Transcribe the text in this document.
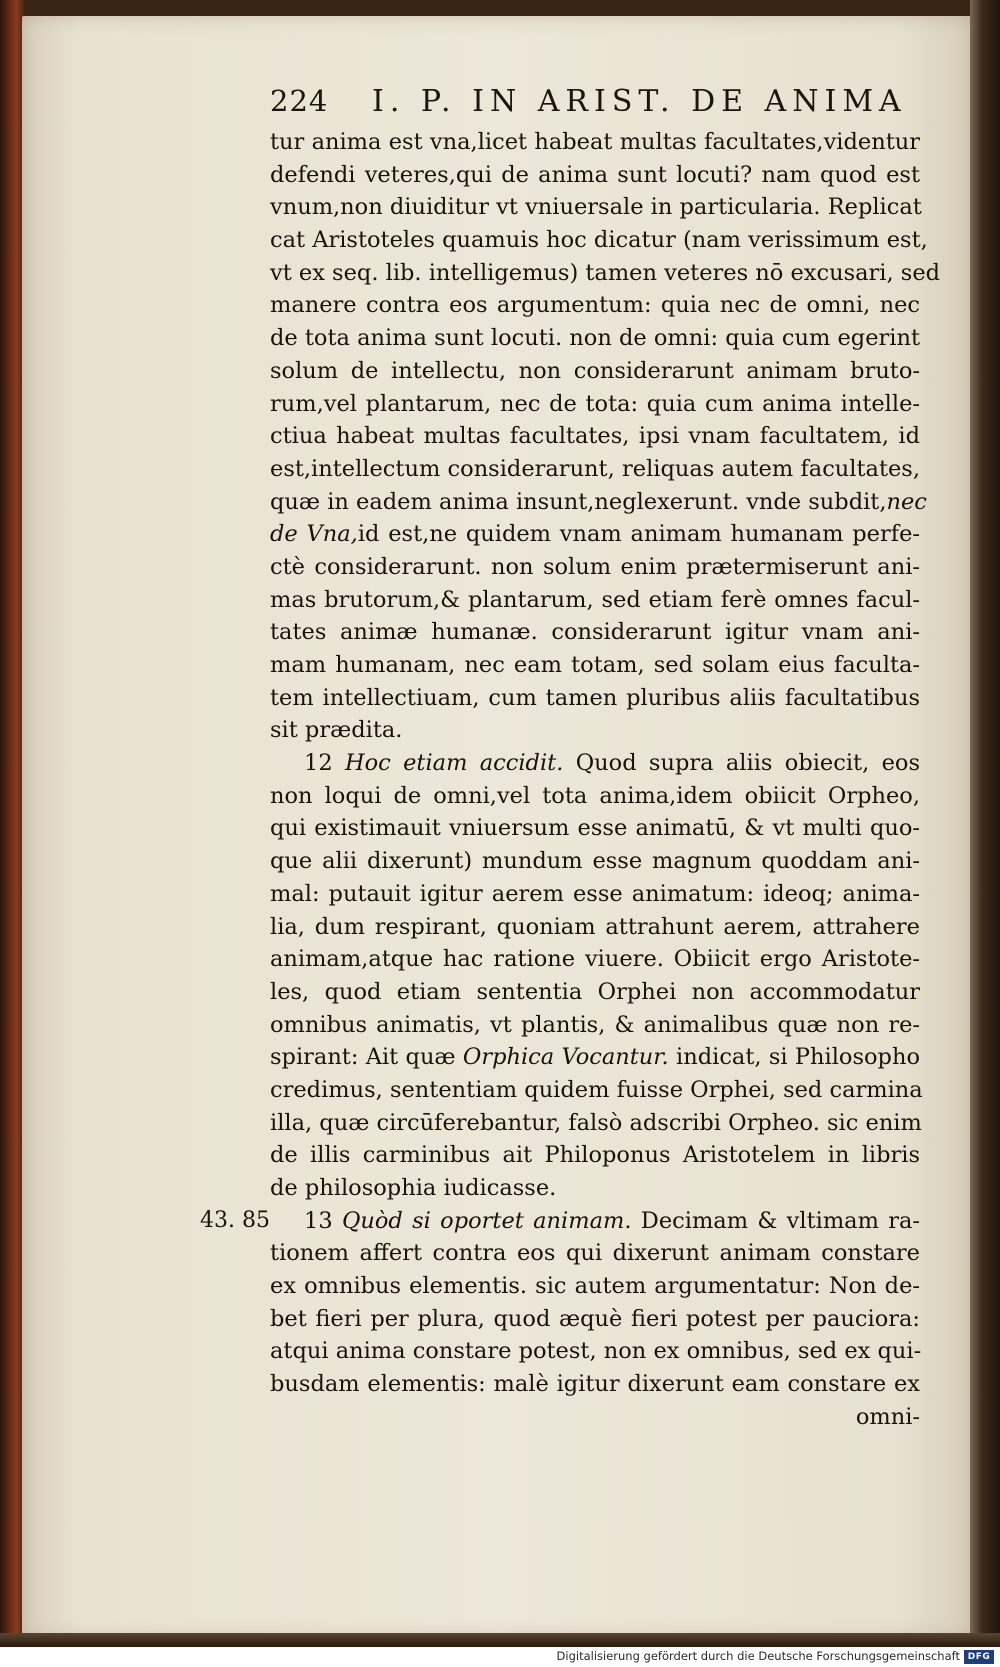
224 I. P. IN ARIST. DE ANIMA
43. 85
tur anima est vna,licet habeat multas facultates,videntur
defendi veteres,qui de anima sunt locuti? nam quod est
vnum,non diuiditur vt vniuersale in particularia. Replicat
cat Aristoteles quamuis hoc dicatur (nam verissimum est,
vt ex seq. lib. intelligemus) tamen veteres nō excusari, sed
manere contra eos argumentum: quia nec de omni, nec
de tota anima sunt locuti. non de omni: quia cum egerint
solum de intellectu, non considerarunt animam bruto-
rum,vel plantarum, nec de tota: quia cum anima intelle-
ctiua habeat multas facultates, ipsi vnam facultatem, id
est,intellectum considerarunt, reliquas autem facultates,
quæ in eadem anima insunt,neglexerunt. vnde subdit,nec
de Vna,id est,ne quidem vnam animam humanam perfe-
ctè considerarunt. non solum enim prætermiserunt ani-
mas brutorum,& plantarum, sed etiam ferè omnes facul-
tates animæ humanæ. considerarunt igitur vnam ani-
mam humanam, nec eam totam, sed solam eius faculta-
tem intellectiuam, cum tamen pluribus aliis facultatibus
sit prædita.
12 Hoc etiam accidit. Quod supra aliis obiecit, eos
non loqui de omni,vel tota anima,idem obiicit Orpheo,
qui existimauit vniuersum esse animatū, & vt multi quo-
que alii dixerunt) mundum esse magnum quoddam ani-
mal: putauit igitur aerem esse animatum: ideoq; anima-
lia, dum respirant, quoniam attrahunt aerem, attrahere
animam,atque hac ratione viuere. Obiicit ergo Aristote-
les, quod etiam sententia Orphei non accommodatur
omnibus animatis, vt plantis, & animalibus quæ non re-
spirant: Ait quæ Orphica Vocantur. indicat, si Philosopho
credimus, sententiam quidem fuisse Orphei, sed carmina
illa, quæ circūferebantur, falsò adscribi Orpheo. sic enim
de illis carminibus ait Philoponus Aristotelem in libris
de philosophia iudicasse.
13 Quòd si oportet animam. Decimam & vltimam ra-
tionem affert contra eos qui dixerunt animam constare
ex omnibus elementis. sic autem argumentatur: Non de-
bet fieri per plura, quod æquè fieri potest per pauciora:
atqui anima constare potest, non ex omnibus, sed ex qui-
busdam elementis: malè igitur dixerunt eam constare ex
omni-
Digitalisierung gefördert durch die Deutsche Forschungsgemeinschaft DFG
